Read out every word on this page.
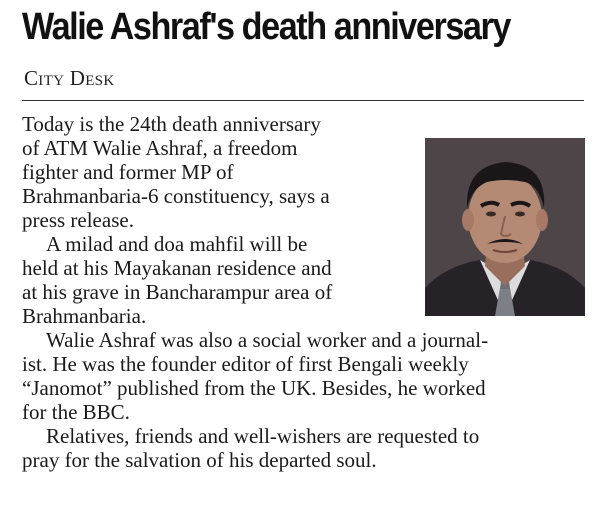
Walie Ashraf's death anniversary
City Desk
Today is the 24th death anniversary
of ATM Walie Ashraf, a freedom
fighter and former MP of
Brahmanbaria-6 constituency, says a
press release.
A milad and doa mahfil will be
held at his Mayakanan residence and
at his grave in Bancharampur area of
Brahmanbaria.
Walie Ashraf was also a social worker and a journal-
ist. He was the founder editor of first Bengali weekly
“Janomot” published from the UK. Besides, he worked
for the BBC.
Relatives, friends and well-wishers are requested to
pray for the salvation of his departed soul.
